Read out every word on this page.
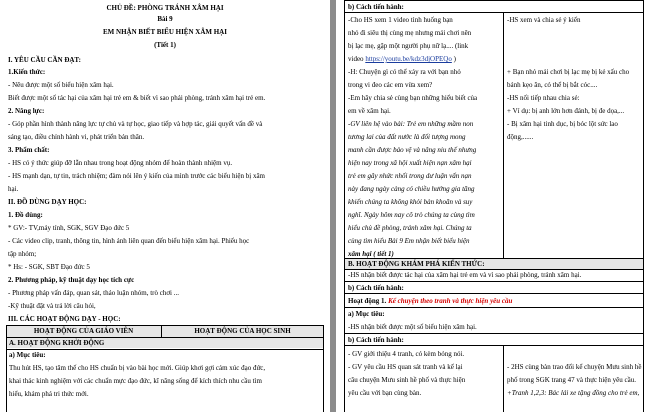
CHỦ ĐỀ: PHÒNG TRÁNH XÂM HẠI
Bài 9
EM NHẬN BIẾT BIỂU HIỆN XÂM HẠI
(Tiết 1)
I. YÊU CẦU CẦN ĐẠT:
1.Kiến thức:
- Nêu được một số biểu hiện xâm hại.
Biết được một số tác hại của xâm hại trẻ em & biết vì sao phải phòng, tránh xâm hại trẻ em.
2. Năng lực:
- Góp phần hình thành năng lực tự chủ và tự học, giao tiếp và hợp tác, giải quyết vấn đề và
sáng tạo, điều chỉnh hành vi, phát triển bản thân.
3. Phẩm chất:
- HS có ý thức giúp đỡ lẫn nhau trong hoạt động nhóm để hoàn thành nhiệm vụ.
- HS mạnh dạn, tự tin, trách nhiệm; đàm nói lên ý kiến của mình trước các biểu hiện bị xâm
hại.
II. ĐỒ DÙNG DẠY HỌC:
1. Đồ dùng:
* GV:- TV,máy tính, SGK, SGV Đạo đức 5
- Các video clip, tranh, thông tin, hình ảnh liên quan đến biểu hiện xâm hại. Phiếu học
tập nhóm;
* Hs: - SGK, SBT Đạo đức 5
2. Phương pháp, kỹ thuật dạy học tích cực
- Phương pháp vấn đáp, quan sát, thảo luận nhóm, trò chơi ...
-Kỹ thuật đặt và trả lời câu hỏi,
III. CÁC HOẠT ĐỘNG DẠY - HỌC:
HOẠT ĐỘNG CỦA GIÁO VIÊN	HOẠT ĐỘNG CỦA HỌC SINH
A. HOẠT ĐỘNG KHỞI ĐỘNG
a) Mục tiêu:
Thu hút HS, tạo tâm thế cho HS chuẩn bị vào bài học mới. Giúp khơi gợi cảm xúc đạo đức,
khai thác kinh nghiệm với các chuẩn mực đạo đức, kĩ năng sống để kích thích nhu cầu tìm
hiểu, khám phá tri thức mới.
b) Cách tiến hành:
-Cho HS xem 1 video tình huống bạn
nhỏ đi siêu thị cùng mẹ nhưng mải chơi nên
bị lạc mẹ, gặp một người phụ nữ lạ.... (link
video https://youtu.be/kdz3djOPEQo )
-H: Chuyện gì có thể xảy ra với bạn nhỏ
trong vi đeo các em vừa xem?
-Em hãy chia sẻ cùng bạn những hiểu biết của
em về xâm hại.
-GV liên hệ vào bài: Trẻ em những mầm non
tương lai của đất nước là đối tượng mong
manh cần được bảo vệ và nâng niu thế nhưng
hiện nay trong xã hội xuất hiện nạn xâm hại
trẻ em gây nhức nhối trong dư luận vấn nạn
này đang ngày càng có chiều hướng gia tăng
khiến chúng ta không khỏi bàn khoăn và suy
nghĩ. Ngày hôm nay cô trò chúng ta cùng tìm
hiểu chủ đề phòng, tránh xâm hại. Chúng ta
cùng tìm hiểu Bài 9 Em nhận biết biểu hiện
xâm hại ( tiết 1)
-HS xem và chia sẻ ý kiến
+ Bạn nhỏ mải chơi bị lạc mẹ bị kẻ xấu cho
bánh kẹo ăn, có thể bị bắt cóc....
-HS nối tiếp nhau chia sẻ:
+ Ví dụ: bị anh lớn hơn đánh, bị đe dọa,...
- Bị xâm hại tinh dục, bị bóc lột sức lao
động,......
B. HOẠT ĐỘNG KHÁM PHÁ KIẾN THỨC:
-HS nhận biết được tác hại của xâm hại trẻ em và vì sao phải phòng, tránh xâm hại.
b) Cách tiến hành:
Hoạt động 1. Kể chuyện theo tranh và thực hiện yêu cầu
a) Mục tiêu:
-HS nhận biết được một số biểu hiện xâm hại.
b) Cách tiến hành:
- GV giới thiệu 4 tranh, có kèm bóng nói.
- GV yêu cầu HS quan sát tranh và kể lại
câu chuyện Mưu sinh hề phố và thực hiện
yêu cầu với bạn cùng bàn.
- 2HS cùng bàn trao đổi kể chuyện Mưu sinh hề
phố trong SGK trang 47 và thực hiện yêu cầu.
+Tranh 1,2,3: Bác lái xe tặng đồng cho trẻ em,
